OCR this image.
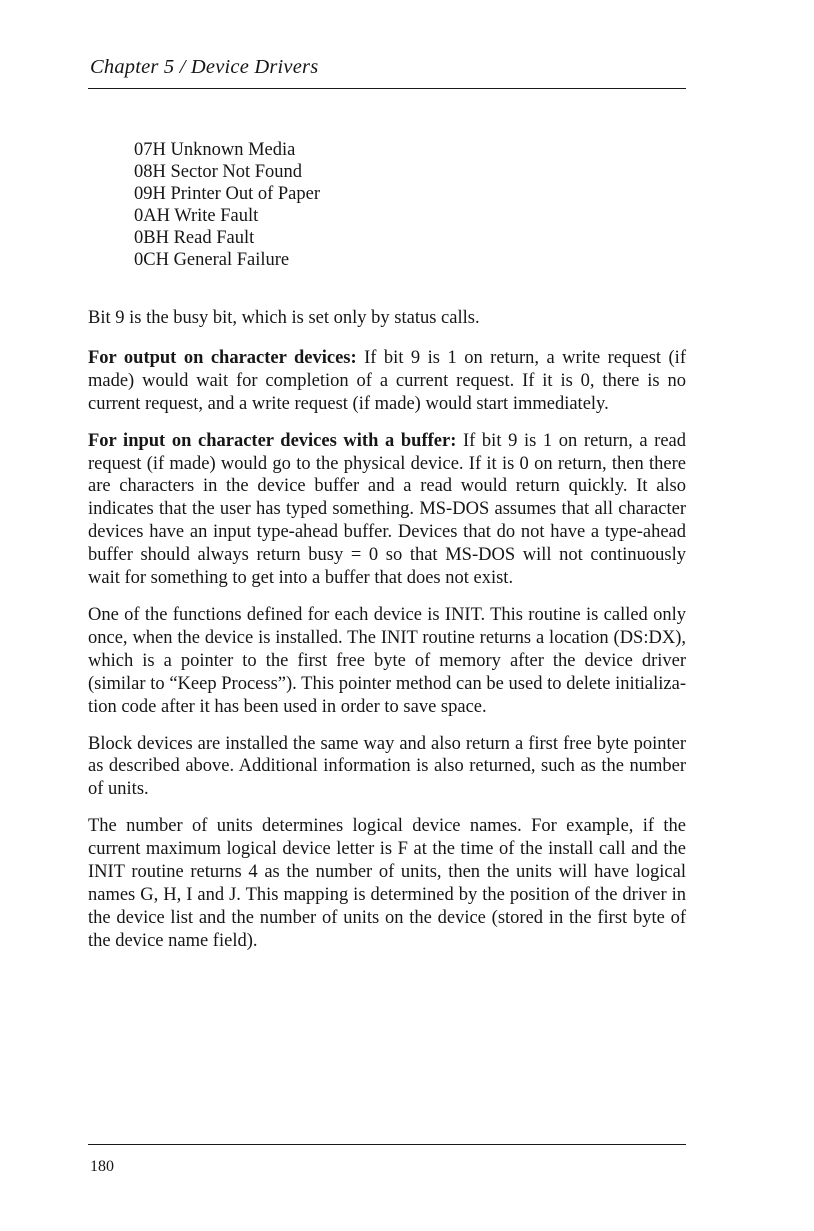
Chapter 5 / Device Drivers
07H Unknown Media
08H Sector Not Found
09H Printer Out of Paper
0AH Write Fault
0BH Read Fault
0CH General Failure

Bit 9 is the busy bit, which is set only by status calls.

For output on character devices: If bit 9 is 1 on return, a write request (if made) would wait for completion of a current request. If it is 0, there is no current request, and a write request (if made) would start immediately.

For input on character devices with a buffer: If bit 9 is 1 on return, a read request (if made) would go to the physical device. If it is 0 on return, then there are characters in the device buffer and a read would return quickly. It also indicates that the user has typed something. MS-DOS assumes that all character devices have an input type-ahead buffer. Devices that do not have a type-ahead buffer should always return busy = 0 so that MS-DOS will not continuously wait for something to get into a buffer that does not exist.

One of the functions defined for each device is INIT. This routine is called only once, when the device is installed. The INIT routine returns a location (DS:DX), which is a pointer to the first free byte of memory after the device driver (similar to “Keep Process”). This pointer method can be used to delete initialization code after it has been used in order to save space.

Block devices are installed the same way and also return a first free byte pointer as described above. Additional information is also returned, such as the number of units.

The number of units determines logical device names. For example, if the current maximum logical device letter is F at the time of the install call and the INIT routine returns 4 as the number of units, then the units will have logical names G, H, I and J. This mapping is determined by the position of the driver in the device list and the number of units on the device (stored in the first byte of the device name field).

180
